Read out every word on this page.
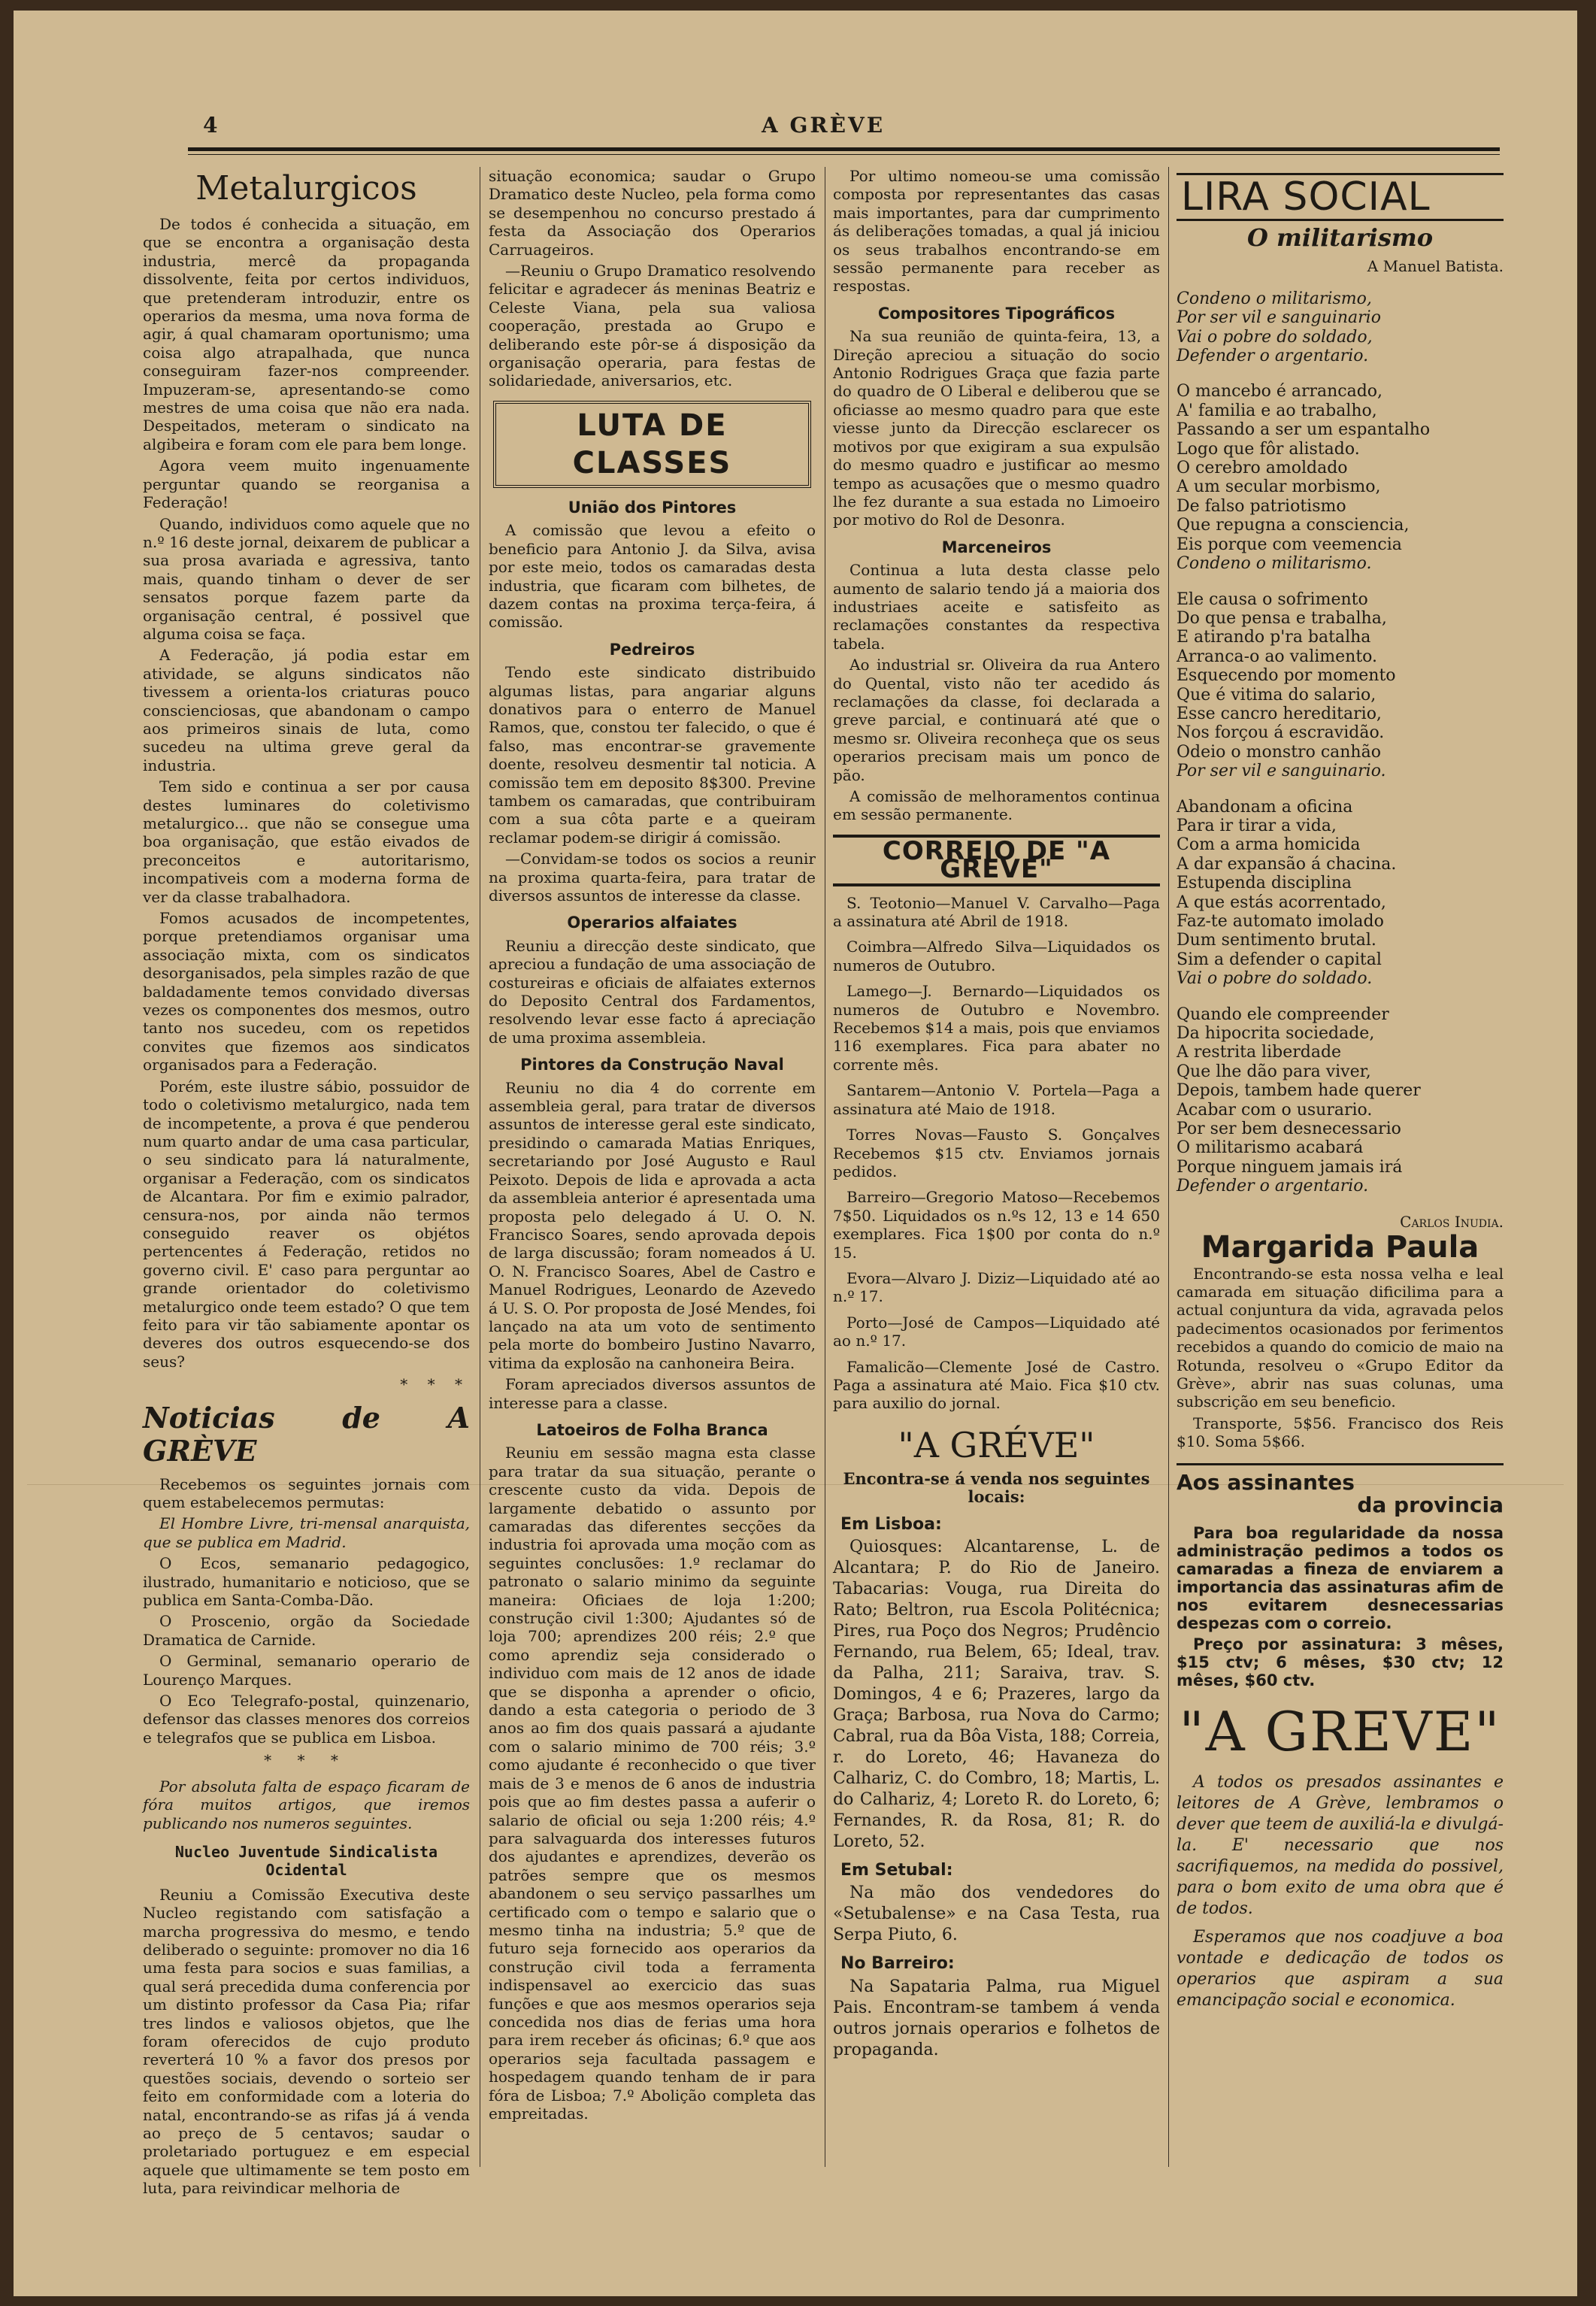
4	A GRÈVE
Metalurgicos

De todos é conhecida a situação, em que se encontra a organisação desta industria, mercê da propaganda dissolvente, feita por certos individuos, que pretenderam introduzir, entre os operarios da mesma, uma nova forma de agir, á qual chamaram oportunismo; uma coisa algo atrapalhada, que nunca conseguiram fazer-nos compreender. Impuzeram-se, apresentando-se como mestres de uma coisa que não era nada. Despeitados, meteram o sindicato na algibeira e foram com ele para bem longe.

Agora veem muito ingenuamente perguntar quando se reorganisa a Federação!

Quando, individuos como aquele que no n.º 16 deste jornal, deixarem de publicar a sua prosa avariada e agressiva, tanto mais, quando tinham o dever de ser sensatos porque fazem parte da organisação central, é possivel que alguma coisa se faça.

A Federação, já podia estar em atividade, se alguns sindicatos não tivessem a orienta-los criaturas pouco conscienciosas, que abandonam o campo aos primeiros sinais de luta, como sucedeu na ultima greve geral da industria.

Tem sido e continua a ser por causa destes luminares do coletivismo metalurgico... que não se consegue uma boa organisação, que estão eivados de preconceitos e autoritarismo, incompativeis com a moderna forma de ver da classe trabalhadora.

Fomos acusados de incompetentes, porque pretendiamos organisar uma associação mixta, com os sindicatos desorganisados, pela simples razão de que baldadamente temos convidado diversas vezes os componentes dos mesmos, outro tanto nos sucedeu, com os repetidos convites que fizemos aos sindicatos organisados para a Federação.

Porém, este ilustre sábio, possuidor de todo o coletivismo metalurgico, nada tem de incompetente, a prova é que penderou num quarto andar de uma casa particular, o seu sindicato para lá naturalmente, organisar a Federação, com os sindicatos de Alcantara. Por fim e eximio palrador, censura-nos, por ainda não termos conseguido reaver os objétos pertencentes á Federação, retidos no governo civil. E' caso para perguntar ao grande orientador do coletivismo metalurgico onde teem estado? O que tem feito para vir tão sabiamente apontar os deveres dos outros esquecendo-se dos seus?

* * *
Noticias de A GRÈVE

Recebemos os seguintes jornais com quem estabelecemos permutas:

El Hombre Livre, tri-mensal anarquista, que se publica em Madrid.

O Ecos, semanario pedagogico, ilustrado, humanitario e noticioso, que se publica em Santa-Comba-Dão.

O Proscenio, orgão da Sociedade Dramatica de Carnide.

O Germinal, semanario operario de Lourenço Marques.

O Eco Telegrafo-postal, quinzenario, defensor das classes menores dos correios e telegrafos que se publica em Lisboa.

* * *

Por absoluta falta de espaço ficaram de fóra muitos artigos, que iremos publicando nos numeros seguintes.

Nucleo Juventude Sindicalista Ocidental

Reuniu a Comissão Executiva deste Nucleo registando com satisfação a marcha progressiva do mesmo, e tendo deliberado o seguinte: promover no dia 16 uma festa para socios e suas familias, a qual será precedida duma conferencia por um distinto professor da Casa Pia; rifar tres lindos e valiosos objetos, que lhe foram oferecidos de cujo produto reverterá 10 % a favor dos presos por questões sociais, devendo o sorteio ser feito em conformidade com a loteria do natal, encontrando-se as rifas já á venda ao preço de 5 centavos; saudar o proletariado portuguez e em especial aquele que ultimamente se tem posto em luta, para reivindicar melhoria de

situação economica; saudar o Grupo Dramatico deste Nucleo, pela forma como se desempenhou no concurso prestado á festa da Associação dos Operarios Carruageiros.

—Reuniu o Grupo Dramatico resolvendo felicitar e agradecer ás meninas Beatriz e Celeste Viana, pela sua valiosa cooperação, prestada ao Grupo e deliberando este pôr-se á disposição da organisação operaria, para festas de solidariedade, aniversarios, etc.

LUTA DE CLASSES
União dos Pintores

A comissão que levou a efeito o beneficio para Antonio J. da Silva, avisa por este meio, todos os camaradas desta industria, que ficaram com bilhetes, de dazem contas na proxima terça-feira, á comissão.

Pedreiros

Tendo este sindicato distribuido algumas listas, para angariar alguns donativos para o enterro de Manuel Ramos, que, constou ter falecido, o que é falso, mas encontrar-se gravemente doente, resolveu desmentir tal noticia. A comissão tem em deposito 8$300. Previne tambem os camaradas, que contribuiram com a sua côta parte e a queiram reclamar podem-se dirigir á comissão.

—Convidam-se todos os socios a reunir na proxima quarta-feira, para tratar de diversos assuntos de interesse da classe.

Operarios alfaiates

Reuniu a direcção deste sindicato, que apreciou a fundação de uma associação de costureiras e oficiais de alfaiates externos do Deposito Central dos Fardamentos, resolvendo levar esse facto á apreciação de uma proxima assembleia.

Pintores da Construção Naval

Reuniu no dia 4 do corrente em assembleia geral, para tratar de diversos assuntos de interesse geral este sindicato, presidindo o camarada Matias Enriques, secretariando por José Augusto e Raul Peixoto. Depois de lida e aprovada a acta da assembleia anterior é apresentada uma proposta pelo delegado á U. O. N. Francisco Soares, sendo aprovada depois de larga discussão; foram nomeados á U. O. N. Francisco Soares, Abel de Castro e Manuel Rodrigues, Leonardo de Azevedo á U. S. O. Por proposta de José Mendes, foi lançado na ata um voto de sentimento pela morte do bombeiro Justino Navarro, vitima da explosão na canhoneira Beira.

Foram apreciados diversos assuntos de interesse para a classe.

Latoeiros de Folha Branca

Reuniu em sessão magna esta classe para tratar da sua situação, perante o crescente custo da vida. Depois de largamente debatido o assunto por camaradas das diferentes secções da industria foi aprovada uma moção com as seguintes conclusões: 1.º reclamar do patronato o salario minimo da seguinte maneira: Oficiaes de loja 1:200; construção civil 1:300; Ajudantes só de loja 700; aprendizes 200 réis; 2.º que como aprendiz seja considerado o individuo com mais de 12 anos de idade que se disponha a aprender o oficio, dando a esta categoria o periodo de 3 anos ao fim dos quais passará a ajudante com o salario minimo de 700 réis; 3.º como ajudante é reconhecido o que tiver mais de 3 e menos de 6 anos de industria pois que ao fim destes passa a auferir o salario de oficial ou seja 1:200 réis; 4.º para salvaguarda dos interesses futuros dos ajudantes e aprendizes, deverão os patrões sempre que os mesmos abandonem o seu serviço passarlhes um certificado com o tempo e salario que o mesmo tinha na industria; 5.º que de futuro seja fornecido aos operarios da construção civil toda a ferramenta indispensavel ao exercicio das suas funções e que aos mesmos operarios seja concedida nos dias de ferias uma hora para irem receber ás oficinas; 6.º que aos operarios seja facultada passagem e hospedagem quando tenham de ir para fóra de Lisboa; 7.º Abolição completa das empreitadas.

Por ultimo nomeou-se uma comissão composta por representantes das casas mais importantes, para dar cumprimento ás deliberações tomadas, a qual já iniciou os seus trabalhos encontrando-se em sessão permanente para receber as respostas.

Compositores Tipográficos

Na sua reunião de quinta-feira, 13, a Direção apreciou a situação do socio Antonio Rodrigues Graça que fazia parte do quadro de O Liberal e deliberou que se oficiasse ao mesmo quadro para que este viesse junto da Direcção esclarecer os motivos por que exigiram a sua expulsão do mesmo quadro e justificar ao mesmo tempo as acusações que o mesmo quadro lhe fez durante a sua estada no Limoeiro por motivo do Rol de Desonra.

Marceneiros

Continua a luta desta classe pelo aumento de salario tendo já a maioria dos industriaes aceite e satisfeito as reclamações constantes da respectiva tabela.

Ao industrial sr. Oliveira da rua Antero do Quental, visto não ter acedido ás reclamações da classe, foi declarada a greve parcial, e continuará até que o mesmo sr. Oliveira reconheça que os seus operarios precisam mais um ponco de pão.

A comissão de melhoramentos continua em sessão permanente.

CORREIO DE "A GREVE"

S. Teotonio—Manuel V. Carvalho—Paga a assinatura até Abril de 1918.

Coimbra—Alfredo Silva—Liquidados os numeros de Outubro.

Lamego—J. Bernardo—Liquidados os numeros de Outubro e Novembro. Recebemos $14 a mais, pois que enviamos 116 exemplares. Fica para abater no corrente mês.

Santarem—Antonio V. Portela—Paga a assinatura até Maio de 1918.

Torres Novas—Fausto S. Gonçalves Recebemos $15 ctv. Enviamos jornais pedidos.

Barreiro—Gregorio Matoso—Recebemos 7$50. Liquidados os n.ºs 12, 13 e 14 650 exemplares. Fica 1$00 por conta do n.º 15.

Evora—Alvaro J. Diziz—Liquidado até ao n.º 17.

Porto—José de Campos—Liquidado até ao n.º 17.

Famalicão—Clemente José de Castro. Paga a assinatura até Maio. Fica $10 ctv. para auxilio do jornal.

"A GRÉVE"
Encontra-se á venda nos seguintes locais:
Em Lisboa:

Quiosques: Alcantarense, L. de Alcantara; P. do Rio de Janeiro. Tabacarias: Vouga, rua Direita do Rato; Beltron, rua Escola Politécnica; Pires, rua Poço dos Negros; Prudêncio Fernando, rua Belem, 65; Ideal, trav. da Palha, 211; Saraiva, trav. S. Domingos, 4 e 6; Prazeres, largo da Graça; Barbosa, rua Nova do Carmo; Cabral, rua da Bôa Vista, 188; Correia, r. do Loreto, 46; Havaneza do Calhariz, C. do Combro, 18; Martis, L. do Calhariz, 4; Loreto R. do Loreto, 6; Fernandes, R. da Rosa, 81; R. do Loreto, 52.

Em Setubal:

Na mão dos vendedores do «Setubalense» e na Casa Testa, rua Serpa Piuto, 6.

No Barreiro:

Na Sapataria Palma, rua Miguel Pais. Encontram-se tambem á venda outros jornais operarios e folhetos de propaganda.

LIRA SOCIAL
O militarismo
A Manuel Batista.
Condeno o militarismo,
Por ser vil e sanguinario
Vai o pobre do soldado,
Defender o argentario.
O mancebo é arrancado,
A' familia e ao trabalho,
Passando a ser um espantalho
Logo que fôr alistado.
O cerebro amoldado
A um secular morbismo,
De falso patriotismo
Que repugna a consciencia,
Eis porque com veemencia
Condeno o militarismo.
Ele causa o sofrimento
Do que pensa e trabalha,
E atirando p'ra batalha
Arranca-o ao valimento.
Esquecendo por momento
Que é vitima do salario,
Esse cancro hereditario,
Nos forçou á escravidão.
Odeio o monstro canhão
Por ser vil e sanguinario.
Abandonam a oficina
Para ir tirar a vida,
Com a arma homicida
A dar expansão á chacina.
Estupenda disciplina
A que estás acorrentado,
Faz-te automato imolado
Dum sentimento brutal.
Sim a defender o capital
Vai o pobre do soldado.
Quando ele compreender
Da hipocrita sociedade,
A restrita liberdade
Que lhe dão para viver,
Depois, tambem hade querer
Acabar com o usurario.
Por ser bem desnecessario
O militarismo acabará
Porque ninguem jamais irá
Defender o argentario.
Carlos Inudia.
Margarida Paula

Encontrando-se esta nossa velha e leal camarada em situação dificilima para a actual conjuntura da vida, agravada pelos padecimentos ocasionados por ferimentos recebidos a quando do comicio de maio na Rotunda, resolveu o «Grupo Editor da Grève», abrir nas suas colunas, uma subscrição em seu beneficio.

Transporte, 5$56. Francisco dos Reis $10. Soma 5$66.

Aos assinantes
da provincia

Para boa regularidade da nossa administração pedimos a todos os camaradas a fineza de enviarem a importancia das assinaturas afim de nos evitarem desnecessarias despezas com o correio.

Preço por assinatura: 3 mêses, $15 ctv; 6 mêses, $30 ctv; 12 mêses, $60 ctv.

"A GREVE"

A todos os presados assinantes e leitores de A Grève, lembramos o dever que teem de auxiliá-la e divulgá-la. E' necessario que nos sacrifiquemos, na medida do possivel, para o bom exito de uma obra que é de todos.

Esperamos que nos coadjuve a boa vontade e dedicação de todos os operarios que aspiram a sua emancipação social e economica.
